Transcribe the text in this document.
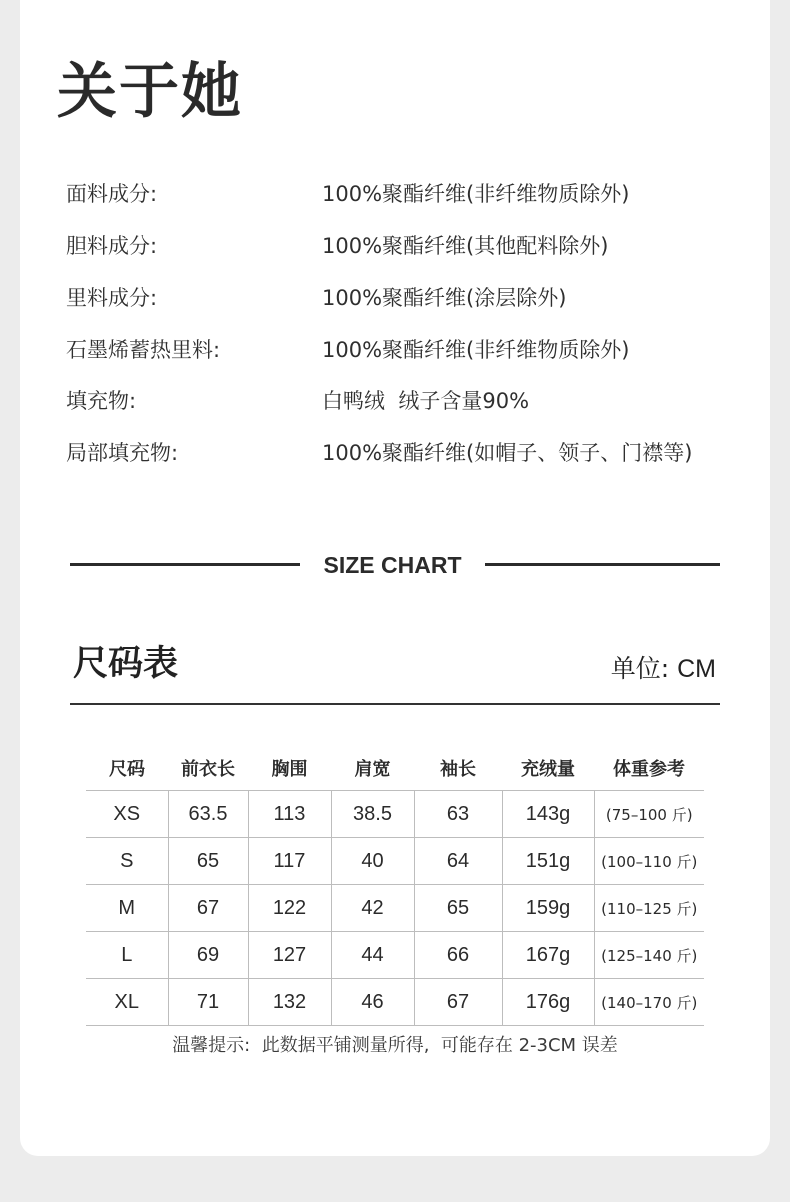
关于她
面料成分:	100%聚酯纤维(非纤维物质除外)
胆料成分:	100%聚酯纤维(其他配料除外)
里料成分:	100%聚酯纤维(涂层除外)
石墨烯蓄热里料:	100%聚酯纤维(非纤维物质除外)
填充物:	白鸭绒  绒子含量90%
局部填充物:	100%聚酯纤维(如帽子、领子、门襟等)
SIZE CHART
尺码表	单位: CM
尺码	前衣长	胸围	肩宽	袖长	充绒量	体重参考
XS	63.5	113	38.5	63	143g	(75–100 斤)
S	65	117	40	64	151g	(100–110 斤)
M	67	122	42	65	159g	(110–125 斤)
L	69	127	44	66	167g	(125–140 斤)
XL	71	132	46	67	176g	(140–170 斤)
温馨提示:  此数据平铺测量所得,  可能存在 2-3CM 误差
